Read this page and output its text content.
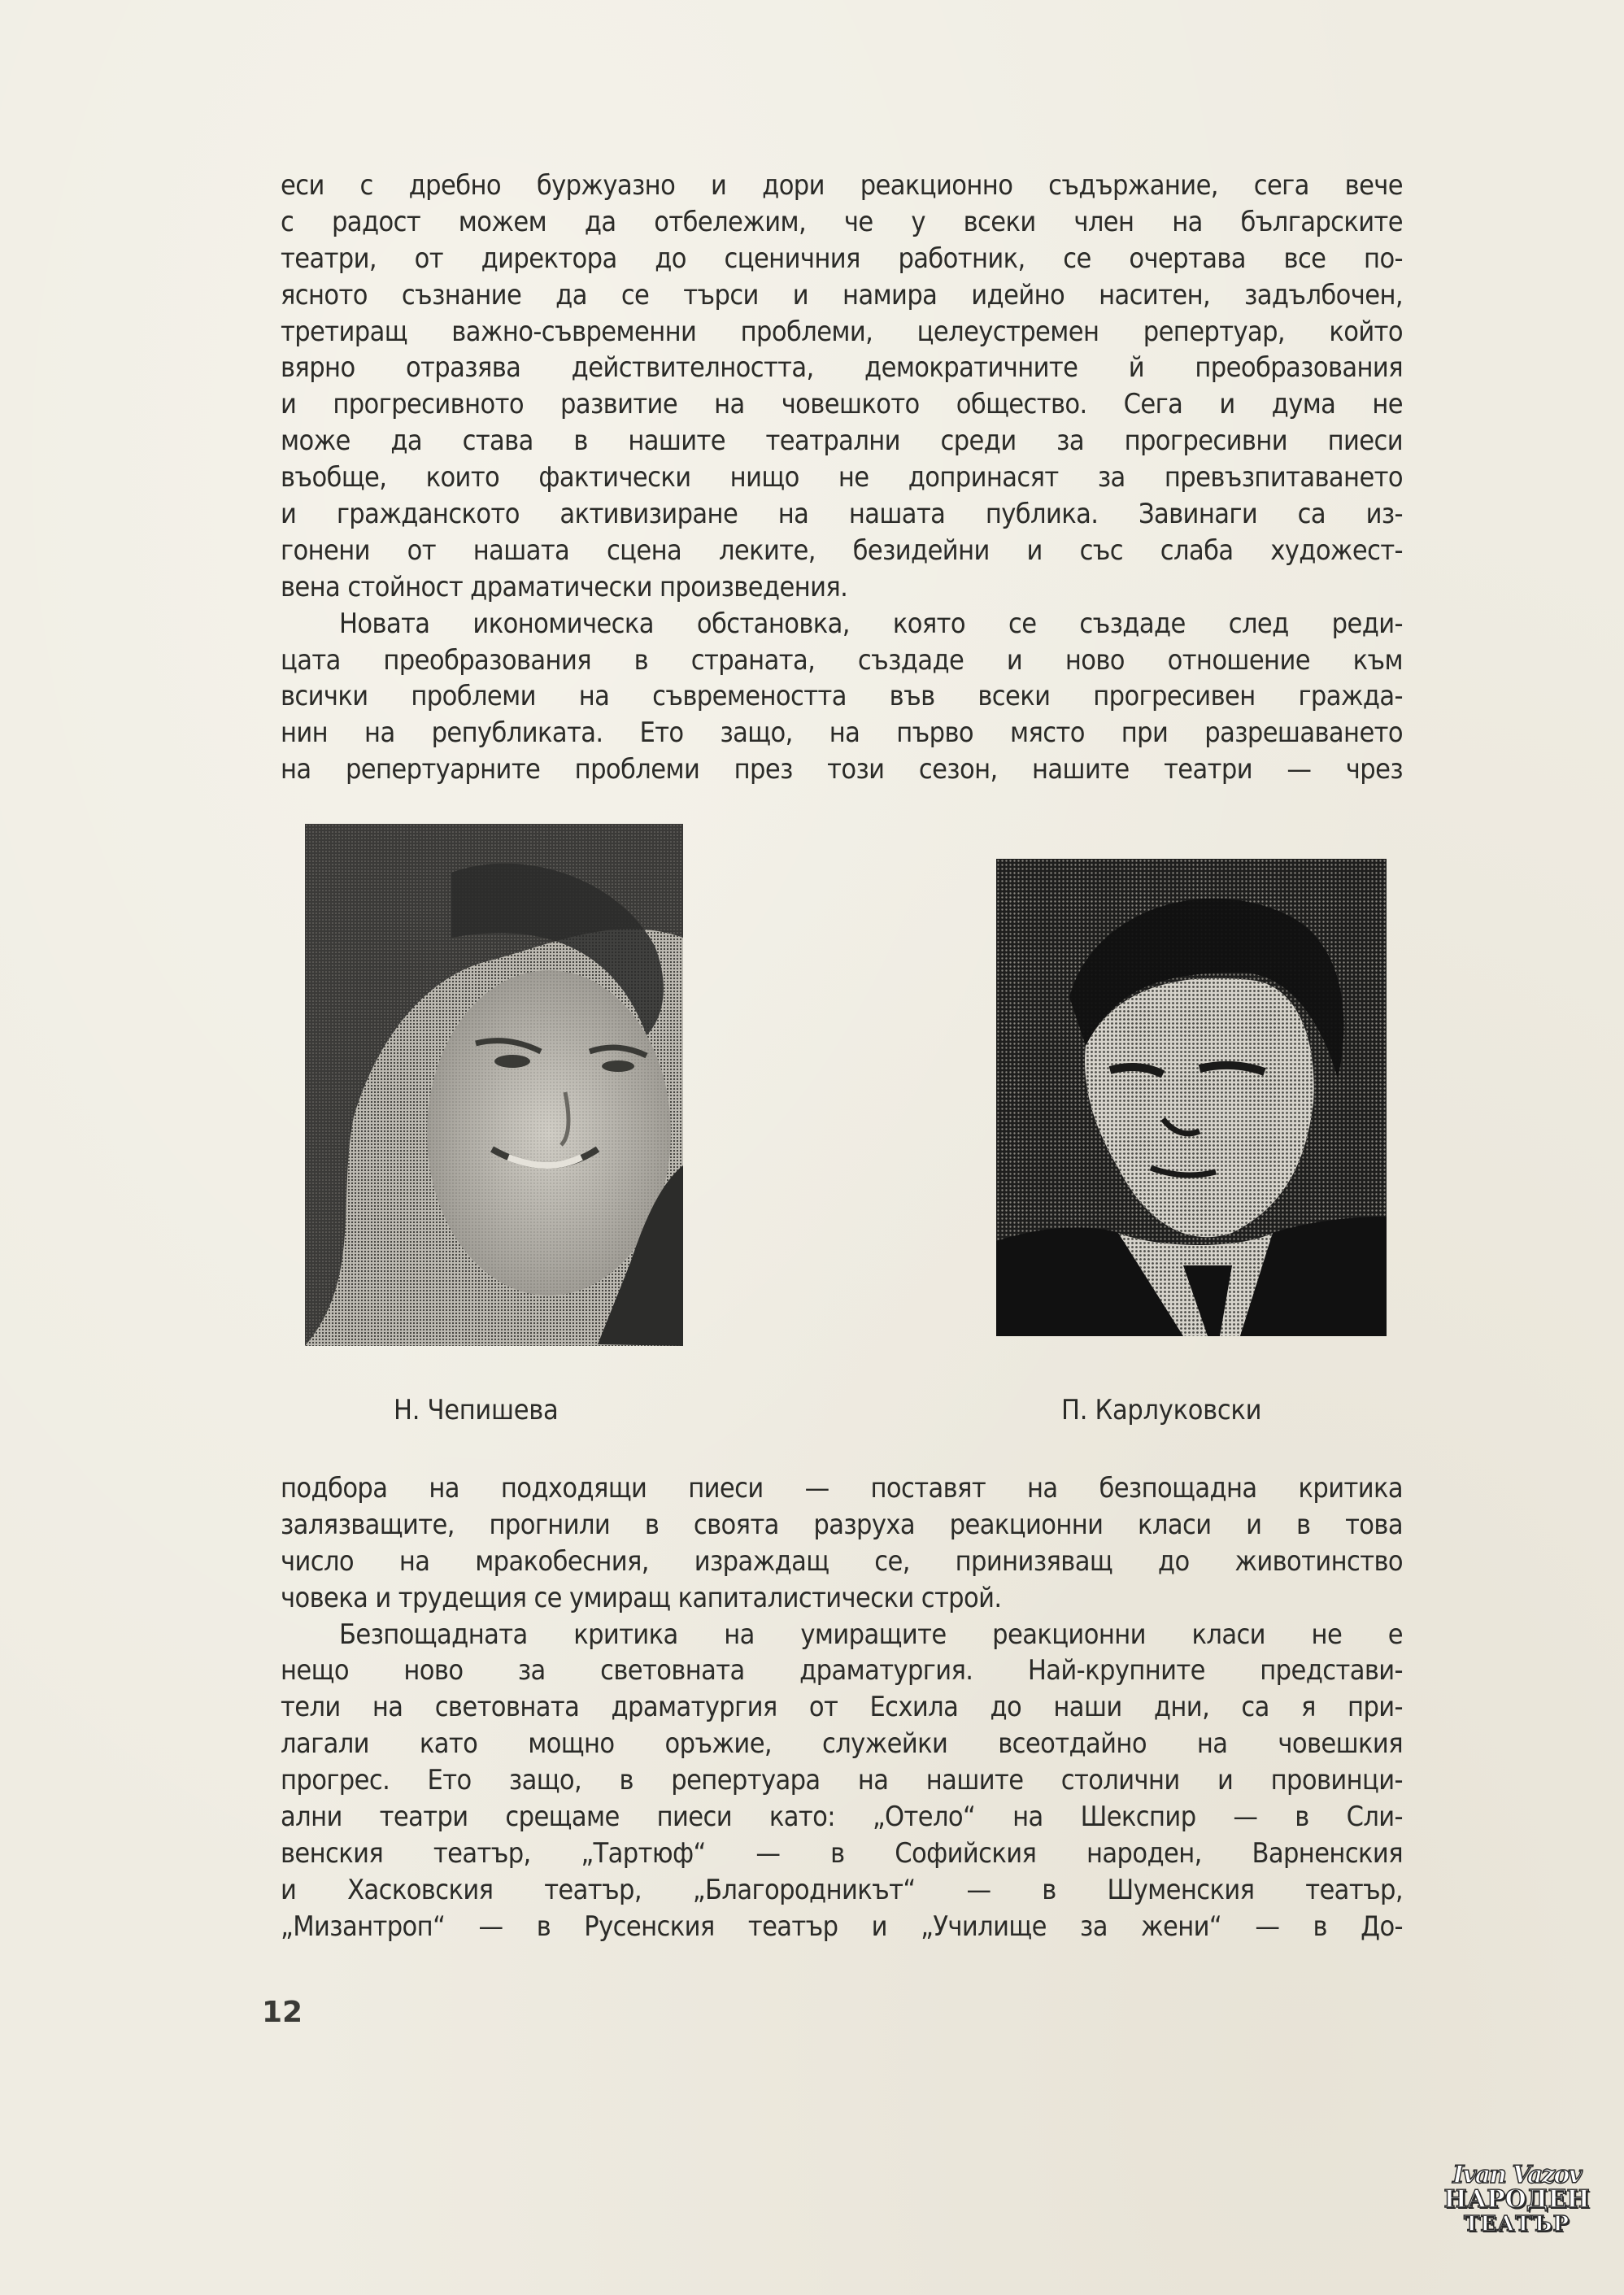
еси с дребно буржуазно и дори реакционно съдържание, сега вече
с радост можем да отбележим, че у всеки член на българските
театри, от директора до сценичния работник, се очертава все по-
ясното съзнание да се търси и намира идейно наситен, задълбочен,
третиращ важно-съвременни проблеми, целеустремен репертуар, който
вярно отразява действителността, демократичните й преобразования
и прогресивното развитие на човешкото общество. Сега и дума не
може да става в нашите театрални среди за прогресивни пиеси
въобще, които фактически нищо не допринасят за превъзпитаването
и гражданското активизиране на нашата публика. Завинаги са из-
гонени от нашата сцена леките, безидейни и със слаба художест-
вена стойност драматически произведения.
Новата икономическа обстановка, която се създаде след реди-
цата преобразования в страната, създаде и ново отношение към
всички проблеми на съвремеността във всеки прогресивен гражда-
нин на републиката. Ето защо, на първо място при разрешаването
на репертуарните проблеми през този сезон, нашите театри — чрез
Н. Чепишева	П. Карлуковски
подбора на подходящи пиеси — поставят на безпощадна критика
залязващите, прогнили в своята разруха реакционни класи и в това
число на мракобесния, израждащ се, принизяващ до животинство
човека и трудещия се умиращ капиталистически строй.
Безпощадната критика на умиращите реакционни класи не е
нещо ново за световната драматургия. Най-крупните представи-
тели на световната драматургия от Есхила до наши дни, са я при-
лагали като мощно оръжие, служейки всеотдайно на човешкия
прогрес. Ето защо, в репертуара на нашите столични и провинци-
ални театри срещаме пиеси като: „Отело“ на Шекспир — в Сли-
венския театър, „Тартюф“ — в Софийския народен, Варненския
и Хасковския театър, „Благородникът“ — в Шуменския театър,
„Мизантроп“ — в Русенския театър и „Училище за жени“ — в До-
12
Ivan Vazov
НАРОДЕН
ТЕАТЪР
